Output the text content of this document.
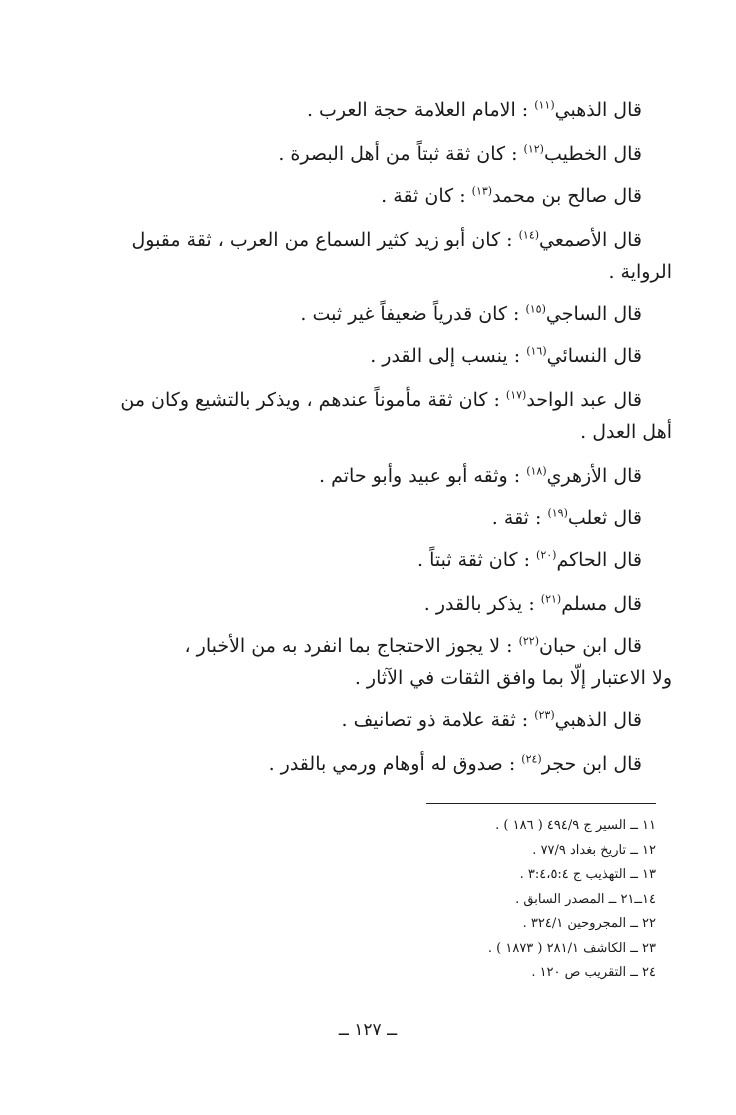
قال الذهبي$^{(١١)}$ : الامام العلامة حجة العرب .
قال الخطيب$^{(١٢)}$ : كان ثقة ثبتاً من أهل البصرة .
قال صالح بن محمد$^{(١٣)}$ : كان ثقة .
قال الأصمعي$^{(١٤)}$ : كان أبو زيد كثير السماع من العرب ، ثقة مقبول
الرواية .
قال الساجي$^{(١٥)}$ : كان قدرياً ضعيفاً غير ثبت .
قال النسائي$^{(١٦)}$ : ينسب إلى القدر .
قال عبد الواحد$^{(١٧)}$ : كان ثقة مأموناً عندهم ، ويذكر بالتشيع وكان من
أهل العدل .
قال الأزهري$^{(١٨)}$ : وثقه أبو عبيد وأبو حاتم .
قال ثعلب$^{(١٩)}$ : ثقة .
قال الحاكم$^{(٢٠)}$ : كان ثقة ثبتاً .
قال مسلم$^{(٢١)}$ : يذكر بالقدر .
قال ابن حبان$^{(٢٢)}$ : لا يجوز الاحتجاج بما انفرد به من الأخبار ،
ولا الاعتبار إلّا بما وافق الثقات في الآثار .
قال الذهبي$^{(٢٣)}$ : ثقة علامة ذو تصانيف .
قال ابن حجر$^{(٢٤)}$ : صدوق له أوهام ورمي بالقدر .
١١ ــ السير ج ٤٩٤/٩ ( ١٨٦ ) .
١٢ ــ تاريخ بغداد ٧٧/٩ .
١٣ ــ التهذيب ج ٣:٤،٥:٤ .
١٤ــ٢١ ــ المصدر السابق .
٢٢ ــ المجروحين ٣٢٤/١ .
٢٣ ــ الكاشف ٢٨١/١ ( ١٨٧٣ ) .
٢٤ ــ التقريب ص ١٢٠ .
ــ ١٢٧ ــ
